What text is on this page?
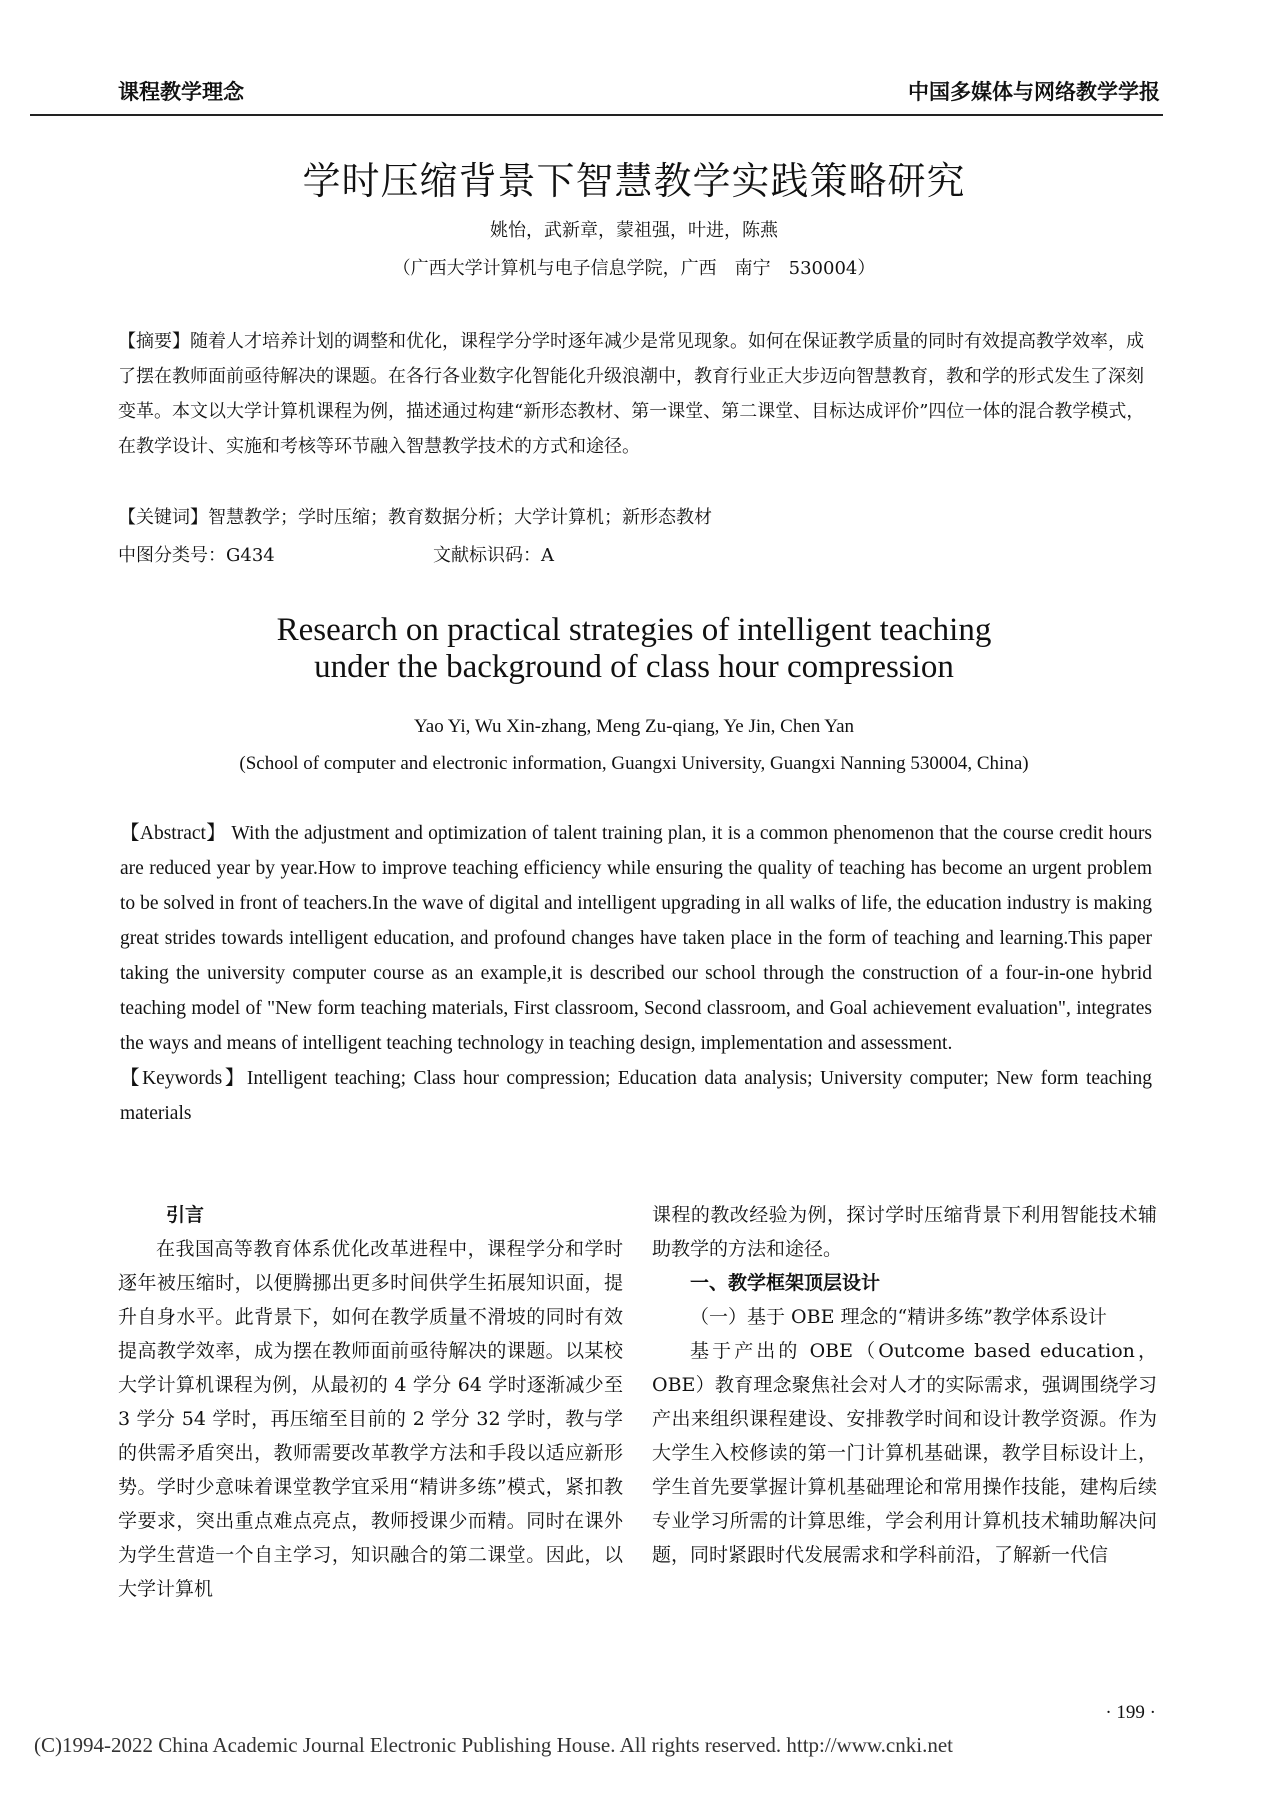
课程教学理念	中国多媒体与网络教学学报
学时压缩背景下智慧教学实践策略研究
姚怡，武新章，蒙祖强，叶进，陈燕
（广西大学计算机与电子信息学院，广西　南宁　530004）

【摘要】随着人才培养计划的调整和优化，课程学分学时逐年减少是常见现象。如何在保证教学质量的同时有效提高教学效率，成了摆在教师面前亟待解决的课题。在各行各业数字化智能化升级浪潮中，教育行业正大步迈向智慧教育，教和学的形式发生了深刻变革。本文以大学计算机课程为例，描述通过构建“新形态教材、第一课堂、第二课堂、目标达成评价”四位一体的混合教学模式，在教学设计、实施和考核等环节融入智慧教学技术的方式和途径。

【关键词】智慧教学；学时压缩；教育数据分析；大学计算机；新形态教材
中图分类号：G434	文献标识码：A
Research on practical strategies of intelligent teaching
under the background of class hour compression
Yao Yi, Wu Xin-zhang, Meng Zu-qiang, Ye Jin, Chen Yan
(School of computer and electronic information, Guangxi University, Guangxi Nanning 530004, China)

【Abstract】 With the adjustment and optimization of talent training plan, it is a common phenomenon that the course credit hours are reduced year by year.How to improve teaching efficiency while ensuring the quality of teaching has become an urgent problem to be solved in front of teachers.In the wave of digital and intelligent upgrading in all walks of life, the education industry is making great strides towards intelligent education, and profound changes have taken place in the form of teaching and learning.This paper taking the university computer course as an example,it is described our school through the construction of a four-in-one hybrid teaching model of "New form teaching materials, First classroom, Second classroom, and Goal achievement evaluation", integrates the ways and means of intelligent teaching technology in teaching design, implementation and assessment.

【Keywords】Intelligent teaching; Class hour compression; Education data analysis; University computer; New form teaching materials

引言

在我国高等教育体系优化改革进程中，课程学分和学时逐年被压缩时，以便腾挪出更多时间供学生拓展知识面，提升自身水平。此背景下，如何在教学质量不滑坡的同时有效提高教学效率，成为摆在教师面前亟待解决的课题。以某校大学计算机课程为例，从最初的 4 学分 64 学时逐渐减少至 3 学分 54 学时，再压缩至目前的 2 学分 32 学时，教与学的供需矛盾突出，教师需要改革教学方法和手段以适应新形势。学时少意味着课堂教学宜采用“精讲多练”模式，紧扣教学要求，突出重点难点亮点，教师授课少而精。同时在课外为学生营造一个自主学习，知识融合的第二课堂。因此，以大学计算机

课程的教改经验为例，探讨学时压缩背景下利用智能技术辅助教学的方法和途径。

一、教学框架顶层设计

（一）基于 OBE 理念的“精讲多练”教学体系设计

基于产出的 OBE（Outcome based education，OBE）教育理念聚焦社会对人才的实际需求，强调围绕学习产出来组织课程建设、安排教学时间和设计教学资源。作为大学生入校修读的第一门计算机基础课，教学目标设计上，学生首先要掌握计算机基础理论和常用操作技能，建构后续专业学习所需的计算思维，学会利用计算机技术辅助解决问题，同时紧跟时代发展需求和学科前沿，了解新一代信

· 199 ·
(C)1994-2022 China Academic Journal Electronic Publishing House. All rights reserved. http://www.cnki.net
